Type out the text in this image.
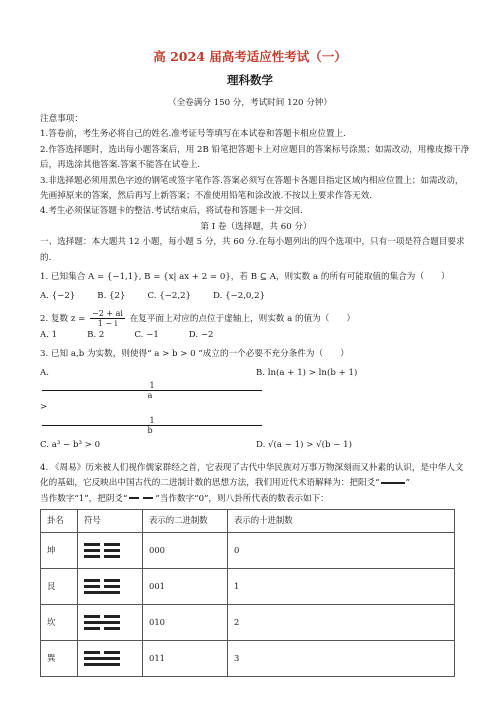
高 2024 届高考适应性考试（一）
理科数学
（全卷满分 150 分，考试时间 120 分钟）

注意事项：

1.答卷前，考生务必将自己的姓名.准考证号等填写在本试卷和答题卡相应位置上.

2.作答选择题时，选出每小题答案后，用 2B 铅笔把答题卡上对应题目的答案标号涂黑；如需改动，用橡皮擦干净后，再选涂其他答案.答案不能答在试卷上.

3.非选择题必须用黑色字迹的钢笔或签字笔作答.答案必须写在答题卡各题目指定区域内相应位置上；如需改动，先画掉原来的答案，然后再写上新答案；不准使用铅笔和涂改液.不按以上要求作答无效.

4.考生必须保证答题卡的整洁.考试结束后，将试卷和答题卡一并交回.

第 I 卷（选择题，共 60 分）

一、选择题：本大题共 12 小题，每小题 5 分，共 60 分.在每小题列出的四个选项中，只有一项是符合题目要求的.

1. 已知集合 A = {−1,1}, B = {x| ax + 2 = 0}，若 B ⊆ A，则实数 a 的所有可能取值的集合为（　　）

A. {−2}	B. {2}	C. {−2,2}	D. {−2,0,2}

2. 复数 $z = \frac{-2 + ai}{1 - i}$ 在复平面上对应的点位于虚轴上，则实数 a 的值为（　　）

A. 1	B. 2	C. −1	D. −2

3. 已知 a,b 为实数，则使得“ a > b > 0 ”成立的一个必要不充分条件为（　　）

A. $\frac{1}{a} > \frac{1}{b}$
B. ln(a + 1) > ln(b + 1)
C. a³ − b³ > 0	D. √(a − 1) > √(b − 1)

4. 《周易》历来被人们视作儒家群经之首，它表现了古代中华民族对万事万物深刻而又朴素的认识，是中华人文化的基础，它反映出中国古代的二进制计数的思想方法，我们用近代术语解释为：把阳爻“	”

当作数字“1”，把阴爻“	”当作数字“0”，则八卦所代表的数表示如下：

卦名	符号	表示的二进制数	表示的十进制数
坤		000	0
艮		001	1
坎		010	2
巽		011	3
